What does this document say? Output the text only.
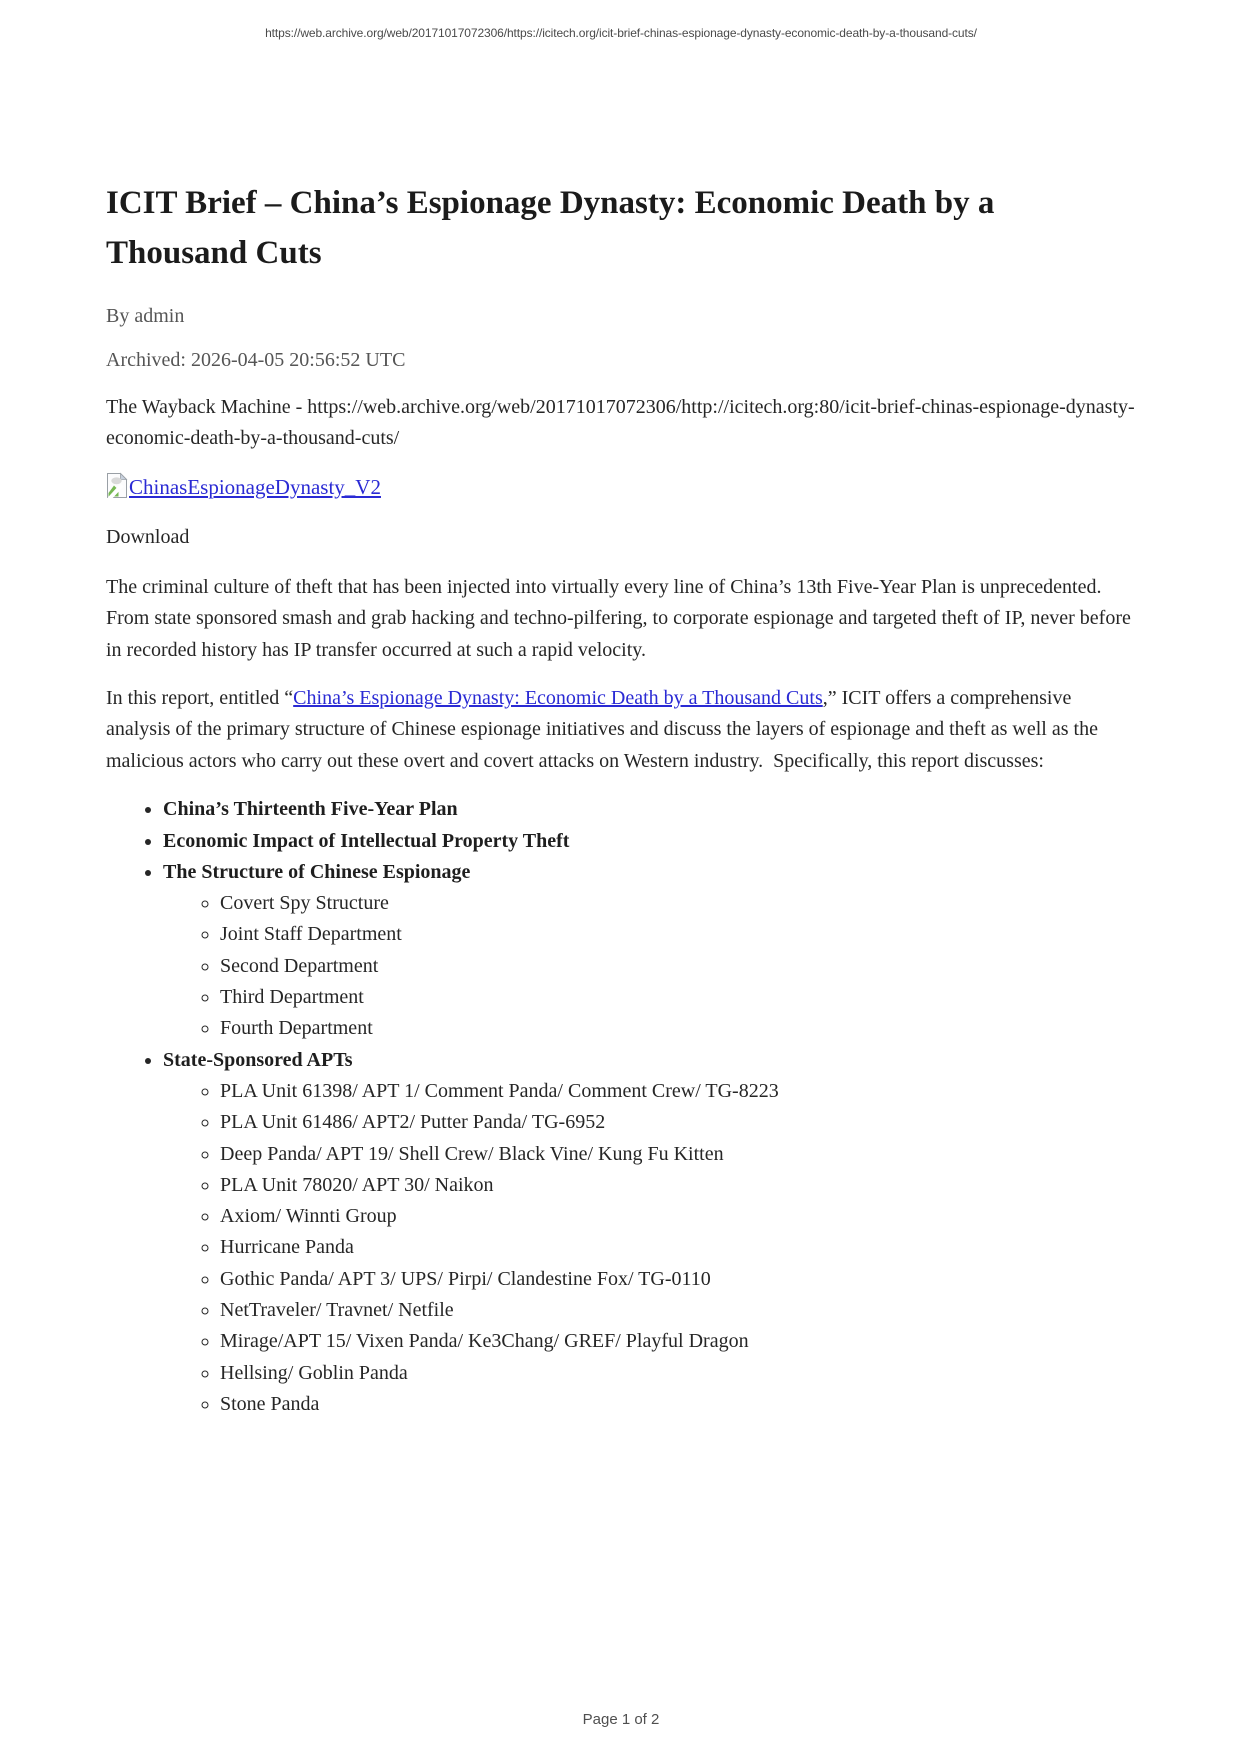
https://web.archive.org/web/20171017072306/https://icitech.org/icit-brief-chinas-espionage-dynasty-economic-death-by-a-thousand-cuts/
ICIT Brief – China’s Espionage Dynasty: Economic Death by a Thousand Cuts
By admin
Archived: 2026-04-05 20:56:52 UTC

The Wayback Machine - https://web.archive.org/web/20171017072306/http://icitech.org:80/icit-brief-chinas-espionage-dynasty-economic-death-by-a-thousand-cuts/

ChinasEspionageDynasty_V2
Download

The criminal culture of theft that has been injected into virtually every line of China’s 13th Five-Year Plan is unprecedented. From state sponsored smash and grab hacking and techno-pilfering, to corporate espionage and targeted theft of IP, never before in recorded history has IP transfer occurred at such a rapid velocity.

In this report, entitled “China’s Espionage Dynasty: Economic Death by a Thousand Cuts,” ICIT offers a comprehensive analysis of the primary structure of Chinese espionage initiatives and discuss the layers of espionage and theft as well as the malicious actors who carry out these overt and covert attacks on Western industry.  Specifically, this report discusses:

• China’s Thirteenth Five-Year Plan
• Economic Impact of Intellectual Property Theft
• The Structure of Chinese Espionage
◦ Covert Spy Structure
◦ Joint Staff Department
◦ Second Department
◦ Third Department
◦ Fourth Department
• State-Sponsored APTs
◦ PLA Unit 61398/ APT 1/ Comment Panda/ Comment Crew/ TG-8223
◦ PLA Unit 61486/ APT2/ Putter Panda/ TG-6952
◦ Deep Panda/ APT 19/ Shell Crew/ Black Vine/ Kung Fu Kitten
◦ PLA Unit 78020/ APT 30/ Naikon
◦ Axiom/ Winnti Group
◦ Hurricane Panda
◦ Gothic Panda/ APT 3/ UPS/ Pirpi/ Clandestine Fox/ TG-0110
◦ NetTraveler/ Travnet/ Netfile
◦ Mirage/APT 15/ Vixen Panda/ Ke3Chang/ GREF/ Playful Dragon
◦ Hellsing/ Goblin Panda
◦ Stone Panda
Page 1 of 2
